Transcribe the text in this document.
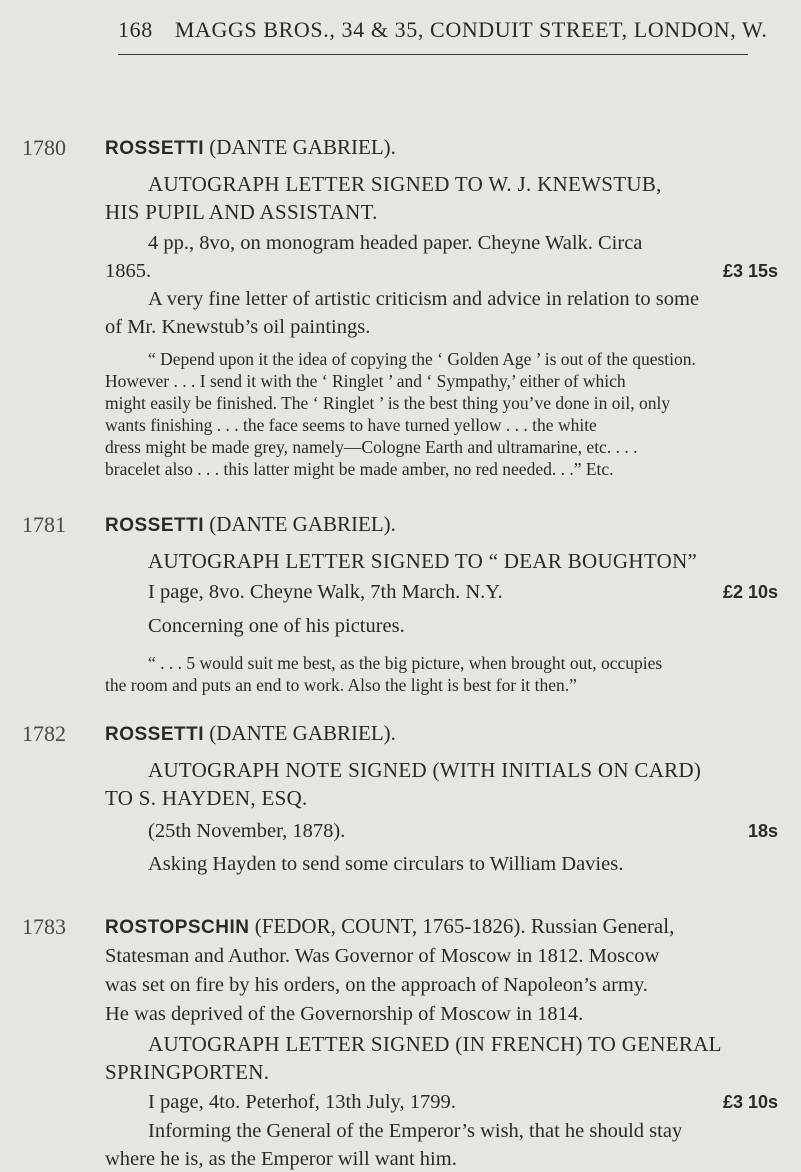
168 MAGGS BROS., 34 & 35, CONDUIT STREET, LONDON, W.
1780 ROSSETTI (DANTE GABRIEL).
AUTOGRAPH LETTER SIGNED TO W. J. KNEWSTUB,
HIS PUPIL AND ASSISTANT.
4 pp., 8vo, on monogram headed paper. Cheyne Walk. Circa
1865.	£3 15s
A very fine letter of artistic criticism and advice in relation to some
of Mr. Knewstub’s oil paintings.
“ Depend upon it the idea of copying the ‘ Golden Age ’ is out of the question.
However . . . I send it with the ‘ Ringlet ’ and ‘ Sympathy,’ either of which
might easily be finished. The ‘ Ringlet ’ is the best thing you’ve done in oil, only
wants finishing . . . the face seems to have turned yellow . . . the white
dress might be made grey, namely—Cologne Earth and ultramarine, etc. . . .
bracelet also . . . this latter might be made amber, no red needed. . .” Etc.
1781 ROSSETTI (DANTE GABRIEL).
AUTOGRAPH LETTER SIGNED TO “ DEAR BOUGHTON”
I page, 8vo. Cheyne Walk, 7th March. N.Y.	£2 10s
Concerning one of his pictures.
“ . . . 5 would suit me best, as the big picture, when brought out, occupies
the room and puts an end to work. Also the light is best for it then.”
1782 ROSSETTI (DANTE GABRIEL).
AUTOGRAPH NOTE SIGNED (WITH INITIALS ON CARD)
TO S. HAYDEN, ESQ.
(25th November, 1878).	18s
Asking Hayden to send some circulars to William Davies.
1783 ROSTOPSCHIN (FEDOR, COUNT, 1765-1826). Russian General,
Statesman and Author. Was Governor of Moscow in 1812. Moscow
was set on fire by his orders, on the approach of Napoleon’s army.
He was deprived of the Governorship of Moscow in 1814.
AUTOGRAPH LETTER SIGNED (IN FRENCH) TO GENERAL
SPRINGPORTEN.
I page, 4to. Peterhof, 13th July, 1799.	£3 10s
Informing the General of the Emperor’s wish, that he should stay
where he is, as the Emperor will want him.
